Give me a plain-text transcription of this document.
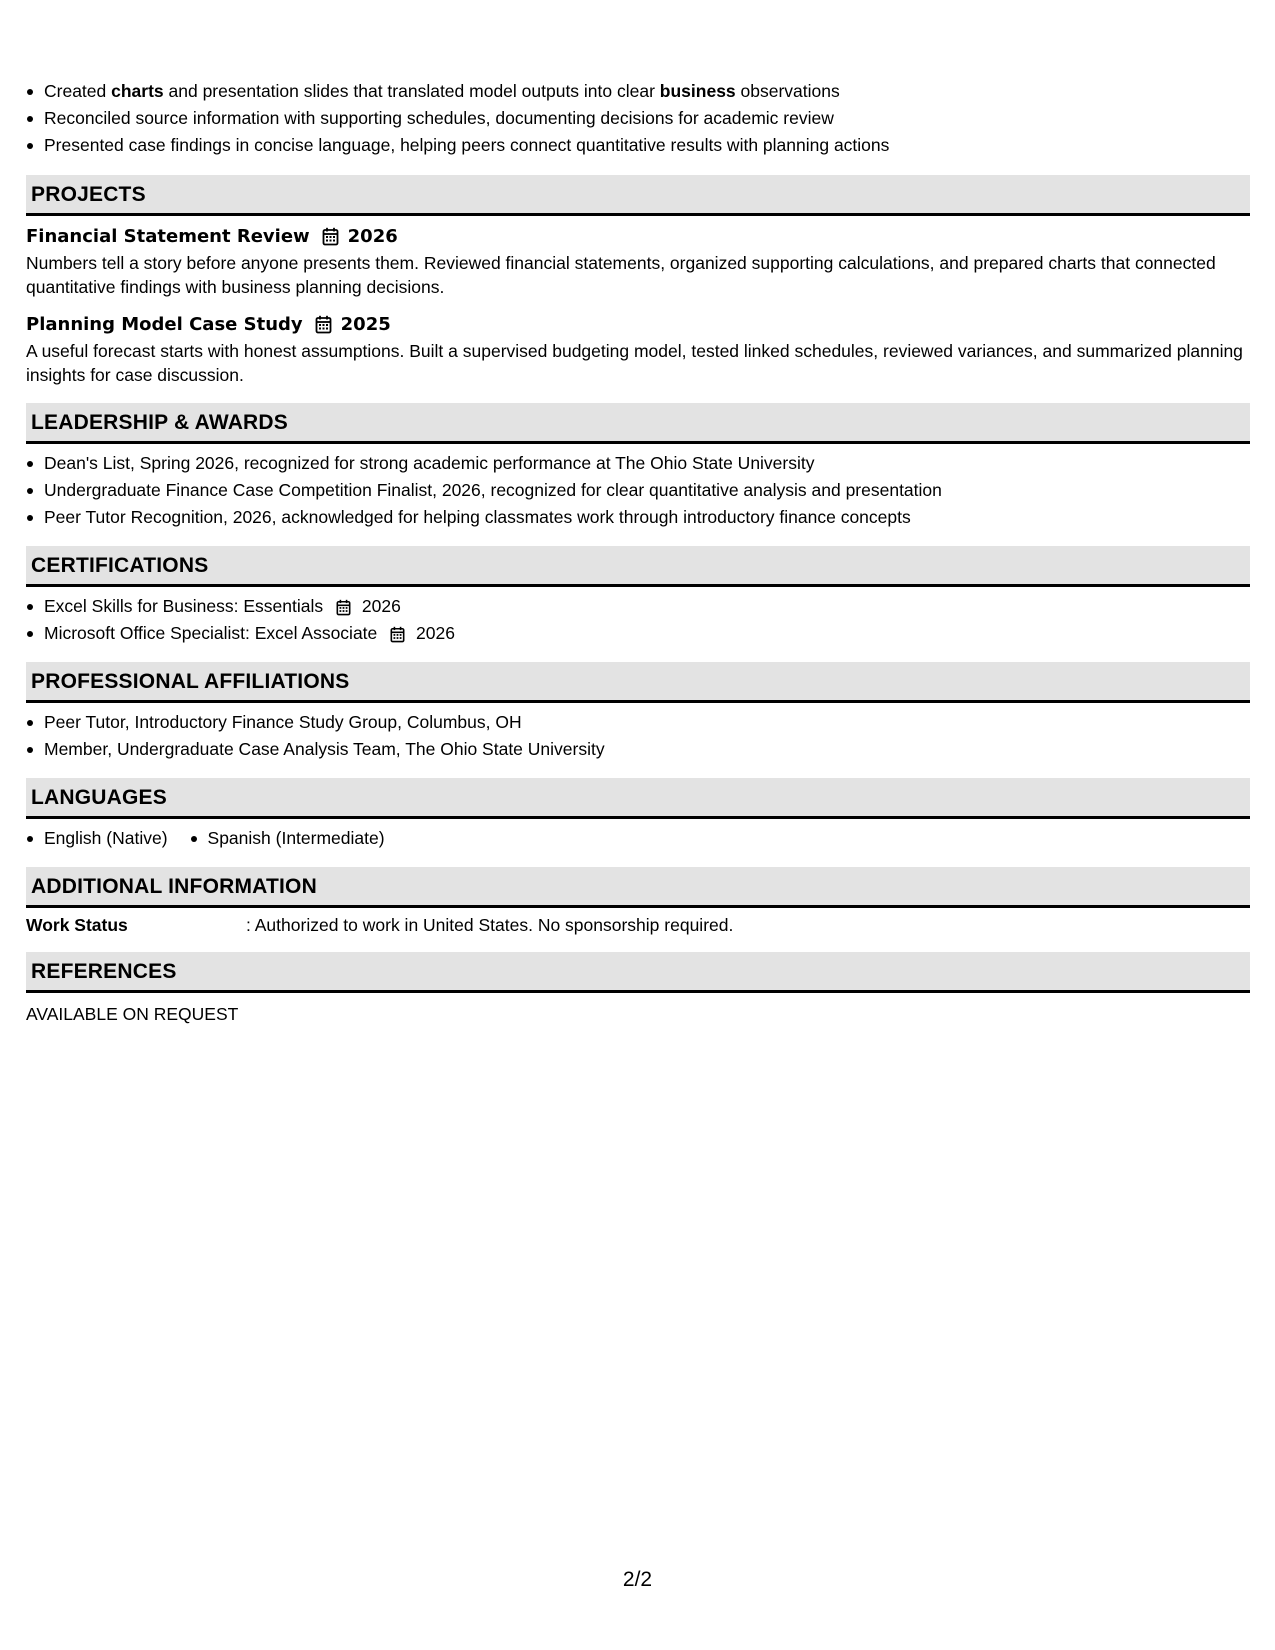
Created charts and presentation slides that translated model outputs into clear business observations
Reconciled source information with supporting schedules, documenting decisions for academic review
Presented case findings in concise language, helping peers connect quantitative results with planning actions
PROJECTS
Financial Statement Review 2026
Numbers tell a story before anyone presents them. Reviewed financial statements, organized supporting calculations, and prepared charts that connected quantitative findings with business planning decisions.
Planning Model Case Study 2025
A useful forecast starts with honest assumptions. Built a supervised budgeting model, tested linked schedules, reviewed variances, and summarized planning insights for case discussion.
LEADERSHIP & AWARDS
Dean's List, Spring 2026, recognized for strong academic performance at The Ohio State University
Undergraduate Finance Case Competition Finalist, 2026, recognized for clear quantitative analysis and presentation
Peer Tutor Recognition, 2026, acknowledged for helping classmates work through introductory finance concepts
CERTIFICATIONS
Excel Skills for Business: Essentials 2026
Microsoft Office Specialist: Excel Associate 2026
PROFESSIONAL AFFILIATIONS
Peer Tutor, Introductory Finance Study Group, Columbus, OH
Member, Undergraduate Case Analysis Team, The Ohio State University
LANGUAGES
English (Native) Spanish (Intermediate)
ADDITIONAL INFORMATION
Work Status	: Authorized to work in United States. No sponsorship required.
REFERENCES
AVAILABLE ON REQUEST
2/2
